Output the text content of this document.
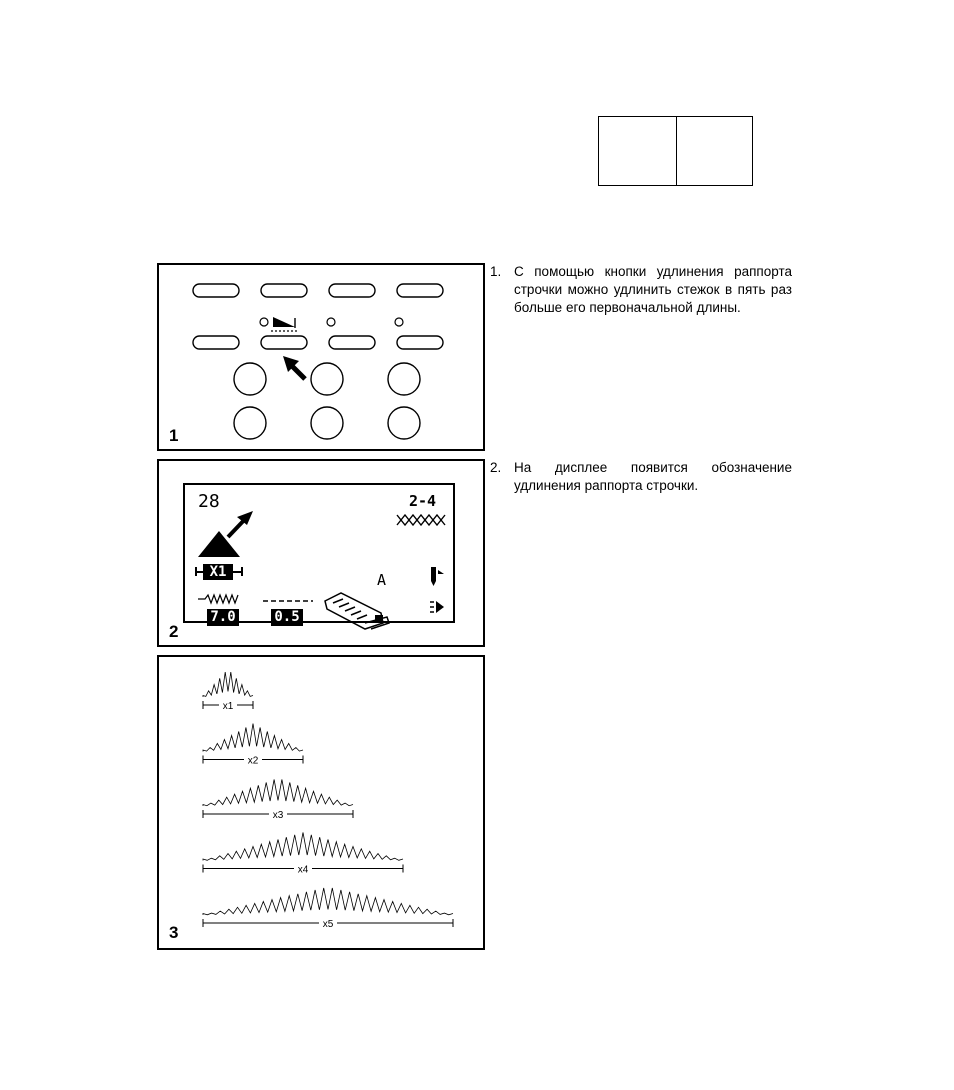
1
28	2-4
X1
7.0	0.5
A
2
x1
x2
x3
x4
x5
3
1. С помощью кнопки удлинения раппорта строчки можно удлинить стежок в пять раз больше его первоначальной длины.
2. На дисплее появится обозначение удлинения раппорта строчки.
